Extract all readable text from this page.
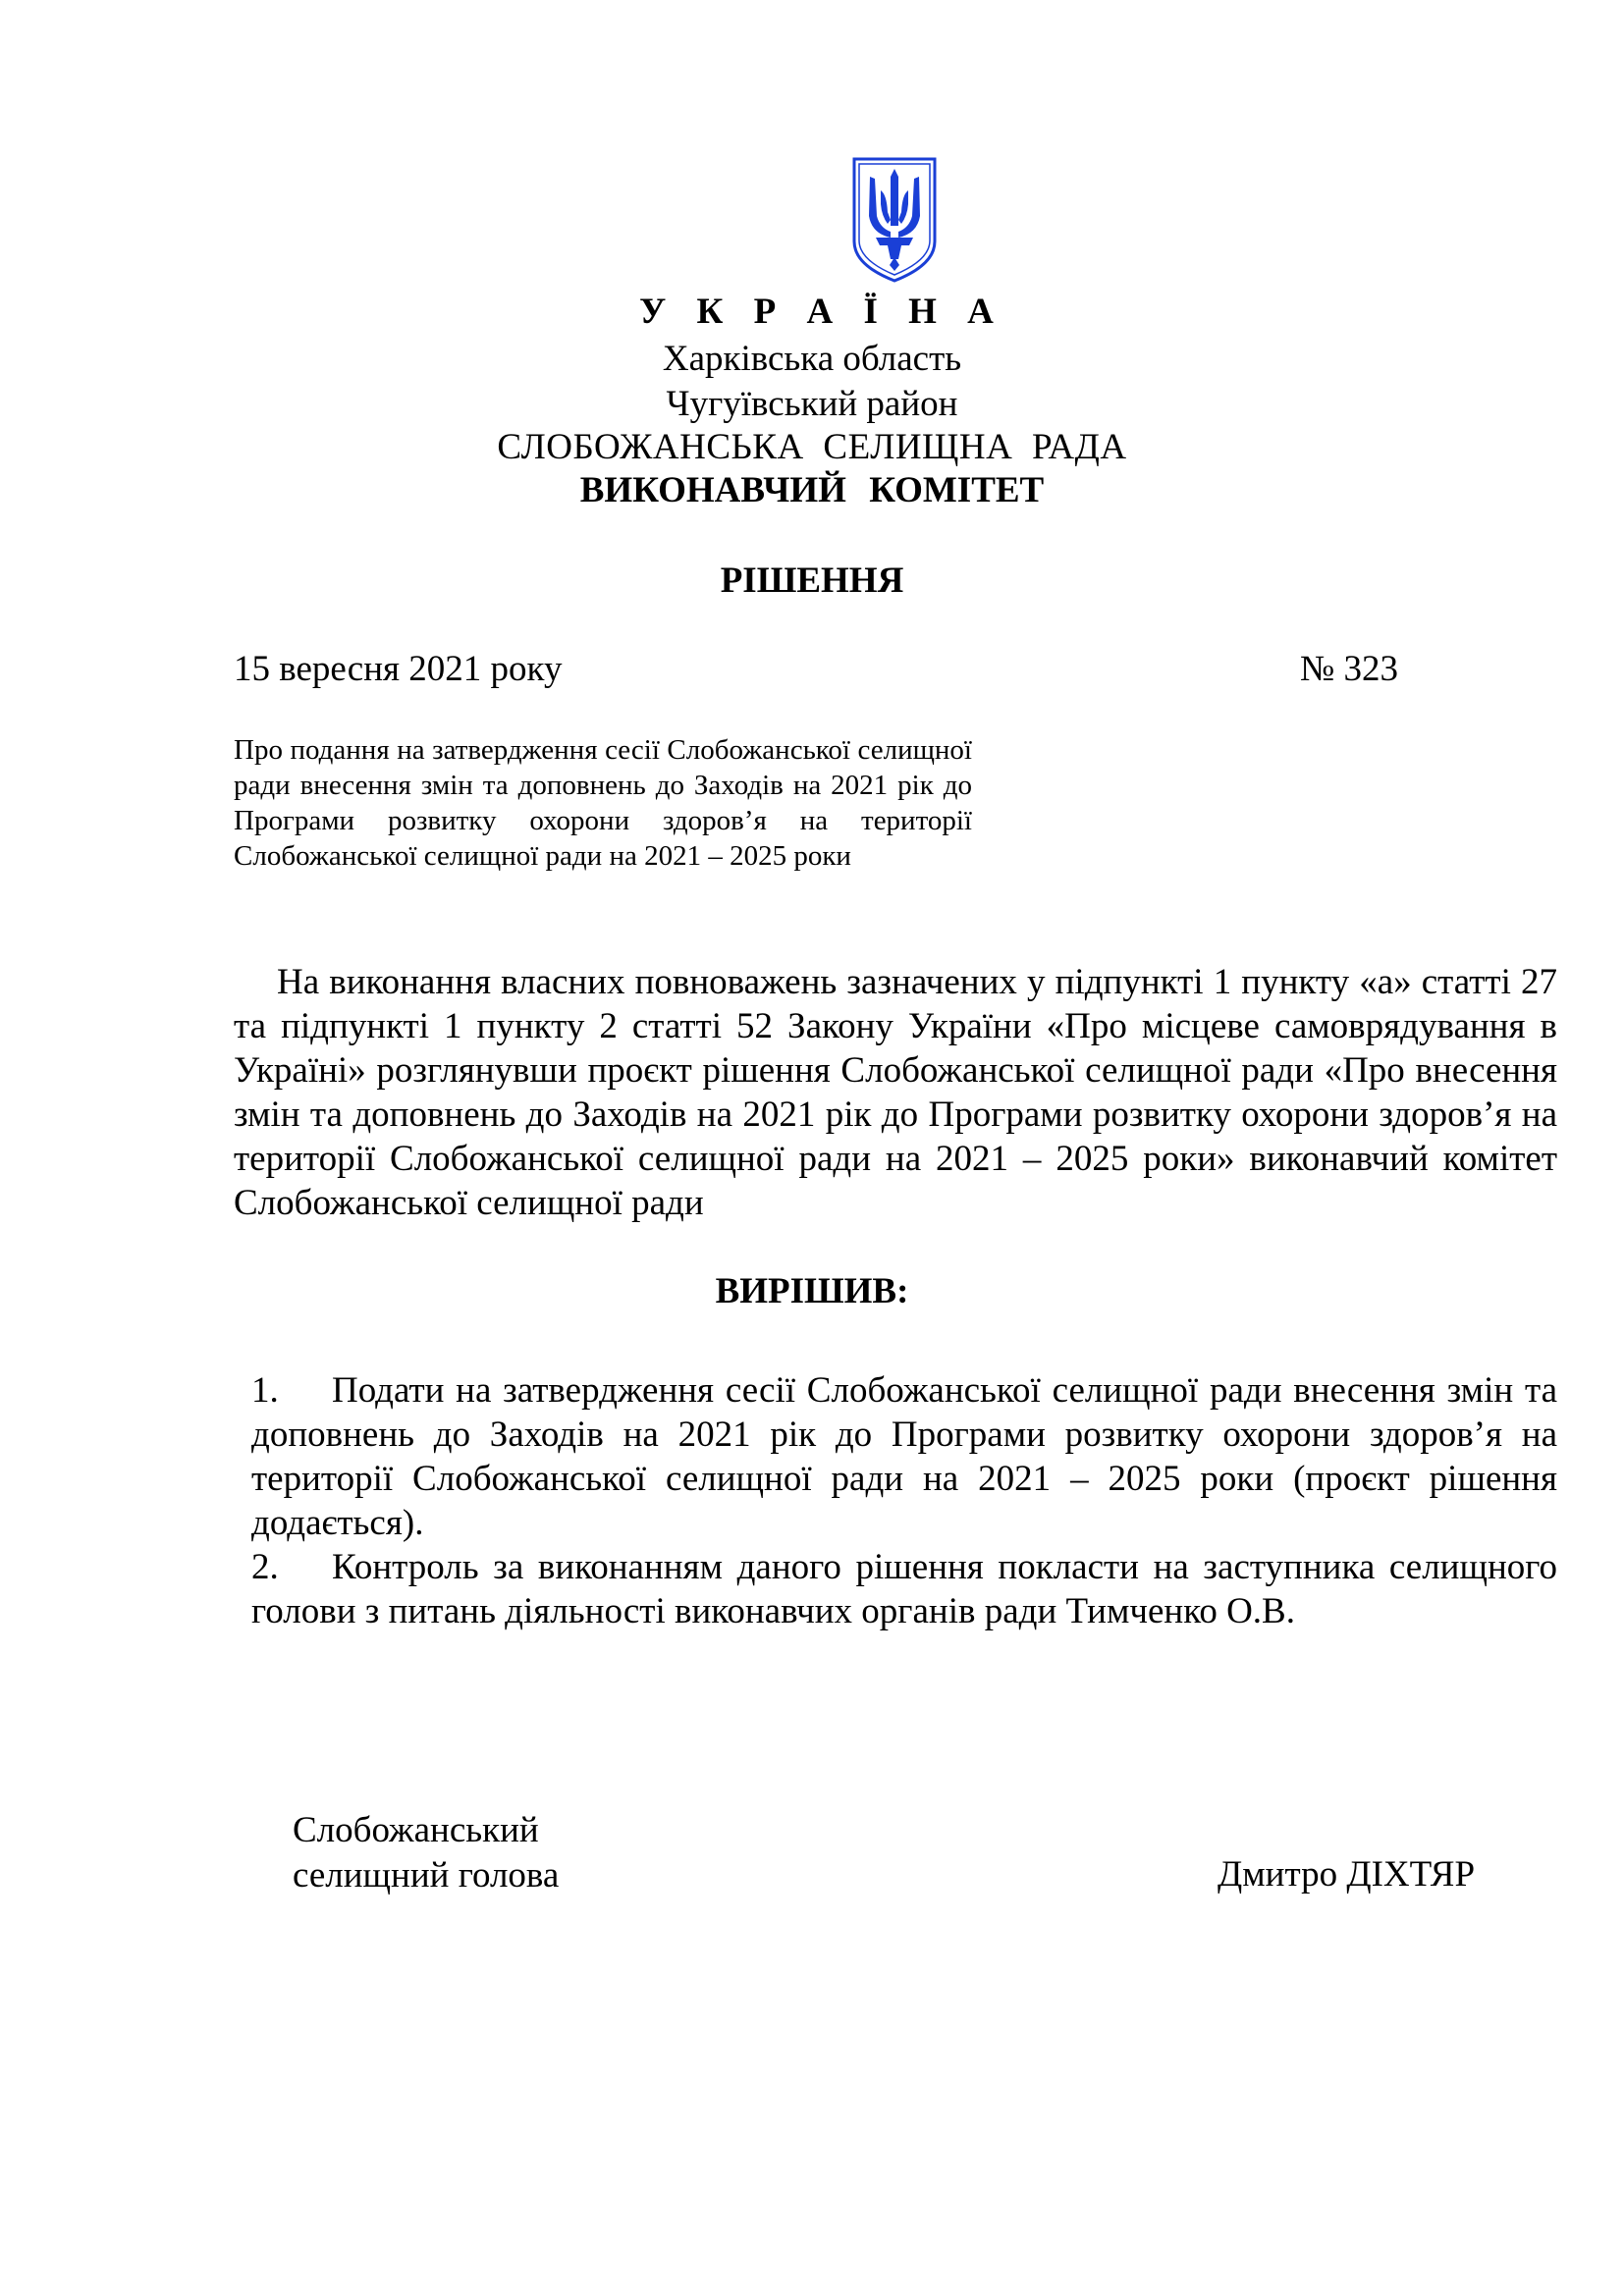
У К Р А Ї Н А
Харківська область
Чугуївський район
СЛОБОЖАНСЬКА СЕЛИЩНА РАДА
ВИКОНАВЧИЙ КОМІТЕТ
РІШЕННЯ
15 вересня 2021 року	№ 323
Про подання на затвердження сесії Слобожанської селищної ради внесення змін та доповнень до Заходів на 2021 рік до Програми розвитку охорони здоров’я на території Слобожанської селищної ради на 2021 – 2025 роки
На виконання власних повноважень зазначених у підпункті 1 пункту «а» статті 27 та підпункті 1 пункту 2 статті 52 Закону України «Про місцеве самоврядування в Україні» розглянувши проєкт рішення Слобожанської селищної ради «Про внесення змін та доповнень до Заходів на 2021 рік до Програми розвитку охорони здоров’я на території Слобожанської селищної ради на 2021 – 2025 роки» виконавчий комітет Слобожанської селищної ради
ВИРІШИВ:
1. Подати на затвердження сесії Слобожанської селищної ради внесення змін та доповнень до Заходів на 2021 рік до Програми розвитку охорони здоров’я на території Слобожанської селищної ради на 2021 – 2025 роки (проєкт рішення додається).
2. Контроль за виконанням даного рішення покласти на заступника селищного голови з питань діяльності виконавчих органів ради Тимченко О.В.
Слобожанський
селищний голова	Дмитро ДІХТЯР
